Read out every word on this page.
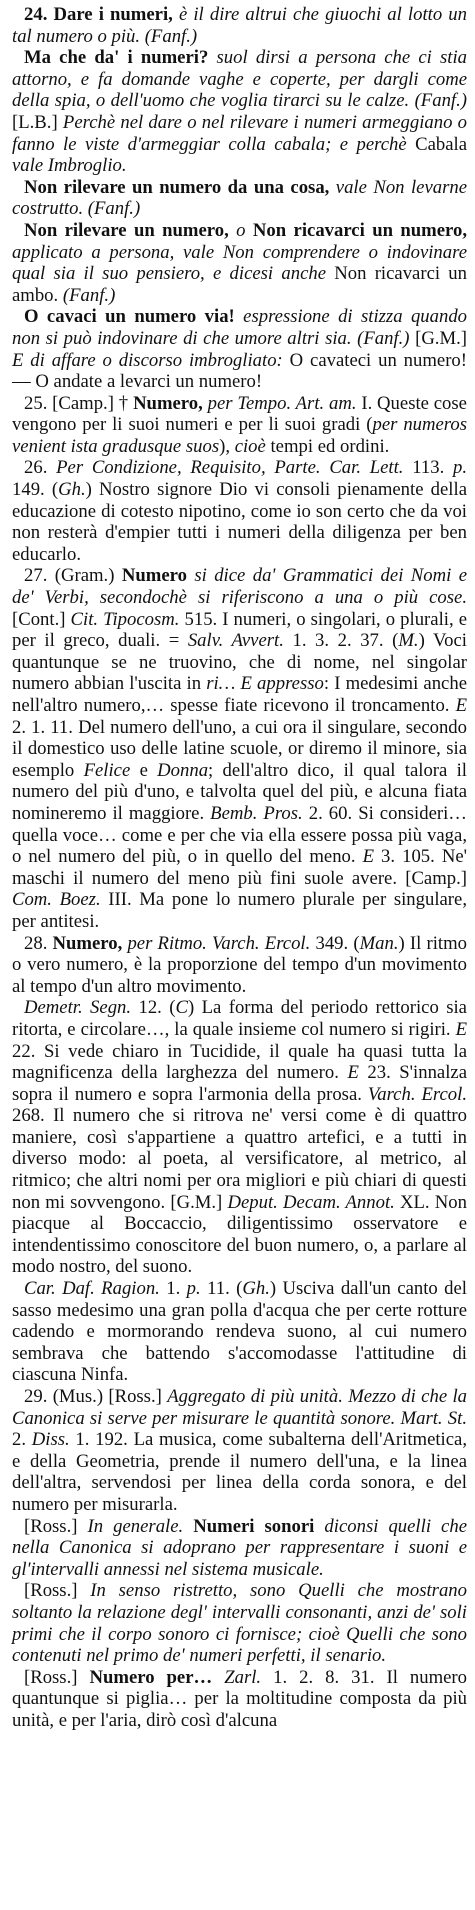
24. Dare i numeri, è il dire altrui che giuochi al lotto un tal numero o più. (Fanf.)

Ma che da' i numeri? suol dirsi a persona che ci stia attorno, e fa domande vaghe e coperte, per dargli come della spia, o dell'uomo che voglia tirarci su le calze. (Fanf.) [L.B.] Perchè nel dare o nel rilevare i numeri armeggiano o fanno le viste d'armeggiar colla cabala; e perchè Cabala vale Imbroglio.

Non rilevare un numero da una cosa, vale Non levarne costrutto. (Fanf.)

Non rilevare un numero, o Non ricavarci un numero, applicato a persona, vale Non comprendere o indovinare qual sia il suo pensiero, e dicesi anche Non ricavarci un ambo. (Fanf.)

O cavaci un numero via! espressione di stizza quando non si può indovinare di che umore altri sia. (Fanf.) [G.M.] E di affare o discorso imbrogliato: O cavateci un numero! — O andate a levarci un numero!

25. [Camp.] † Numero, per Tempo. Art. am. I. Queste cose vengono per li suoi numeri e per li suoi gradi (per numeros venient ista gradusque suos), cioè tempi ed ordini.

26. Per Condizione, Requisito, Parte. Car. Lett. 113. p. 149. (Gh.) Nostro signore Dio vi consoli pienamente della educazione di cotesto nipotino, come io son certo che da voi non resterà d'empier tutti i numeri della diligenza per ben educarlo.

27. (Gram.) Numero si dice da' Grammatici dei Nomi e de' Verbi, secondochè si riferiscono a una o più cose. [Cont.] Cit. Tipocosm. 515. I numeri, o singolari, o plurali, e per il greco, duali. = Salv. Avvert. 1. 3. 2. 37. (M.) Voci quantunque se ne truovino, che di nome, nel singolar numero abbian l'uscita in ri… E appresso: I medesimi anche nell'altro numero,… spesse fiate ricevono il troncamento. E 2. 1. 11. Del numero dell'uno, a cui ora il singulare, secondo il domestico uso delle latine scuole, or diremo il minore, sia esemplo Felice e Donna; dell'altro dico, il qual talora il numero del più d'uno, e talvolta quel del più, e alcuna fiata nomineremo il maggiore. Bemb. Pros. 2. 60. Si consideri… quella voce… come e per che via ella essere possa più vaga, o nel numero del più, o in quello del meno. E 3. 105. Ne' maschi il numero del meno più fini suole avere. [Camp.] Com. Boez. III. Ma pone lo numero plurale per singulare, per antitesi.

28. Numero, per Ritmo. Varch. Ercol. 349. (Man.) Il ritmo o vero numero, è la proporzione del tempo d'un movimento al tempo d'un altro movimento.

Demetr. Segn. 12. (C) La forma del periodo rettorico sia ritorta, e circolare…, la quale insieme col numero si rigiri. E 22. Si vede chiaro in Tucidide, il quale ha quasi tutta la magnificenza della larghezza del numero. E 23. S'innalza sopra il numero e sopra l'armonia della prosa. Varch. Ercol. 268. Il numero che si ritrova ne' versi come è di quattro maniere, così s'appartiene a quattro artefici, e a tutti in diverso modo: al poeta, al versificatore, al metrico, al ritmico; che altri nomi per ora migliori e più chiari di questi non mi sovvengono. [G.M.] Deput. Decam. Annot. XL. Non piacque al Boccaccio, diligentissimo osservatore e intendentissimo conoscitore del buon numero, o, a parlare al modo nostro, del suono.

Car. Daf. Ragion. 1. p. 11. (Gh.) Usciva dall'un canto del sasso medesimo una gran polla d'acqua che per certe rotture cadendo e mormorando rendeva suono, al cui numero sembrava che battendo s'accomodasse l'attitudine di ciascuna Ninfa.

29. (Mus.) [Ross.] Aggregato di più unità. Mezzo di che la Canonica si serve per misurare le quantità sonore. Mart. St. 2. Diss. 1. 192. La musica, come subalterna dell'Aritmetica, e della Geometria, prende il numero dell'una, e la linea dell'altra, servendosi per linea della corda sonora, e del numero per misurarla.

[Ross.] In generale. Numeri sonori diconsi quelli che nella Canonica si adoprano per rappresentare i suoni e gl'intervalli annessi nel sistema musicale.

[Ross.] In senso ristretto, sono Quelli che mostrano soltanto la relazione degl' intervalli consonanti, anzi de' soli primi che il corpo sonoro ci fornisce; cioè Quelli che sono contenuti nel primo de' numeri perfetti, il senario.

[Ross.] Numero per… Zarl. 1. 2. 8. 31. Il numero quantunque si piglia… per la moltitudine composta da più unità, e per l'aria, dirò così d'alcuna
